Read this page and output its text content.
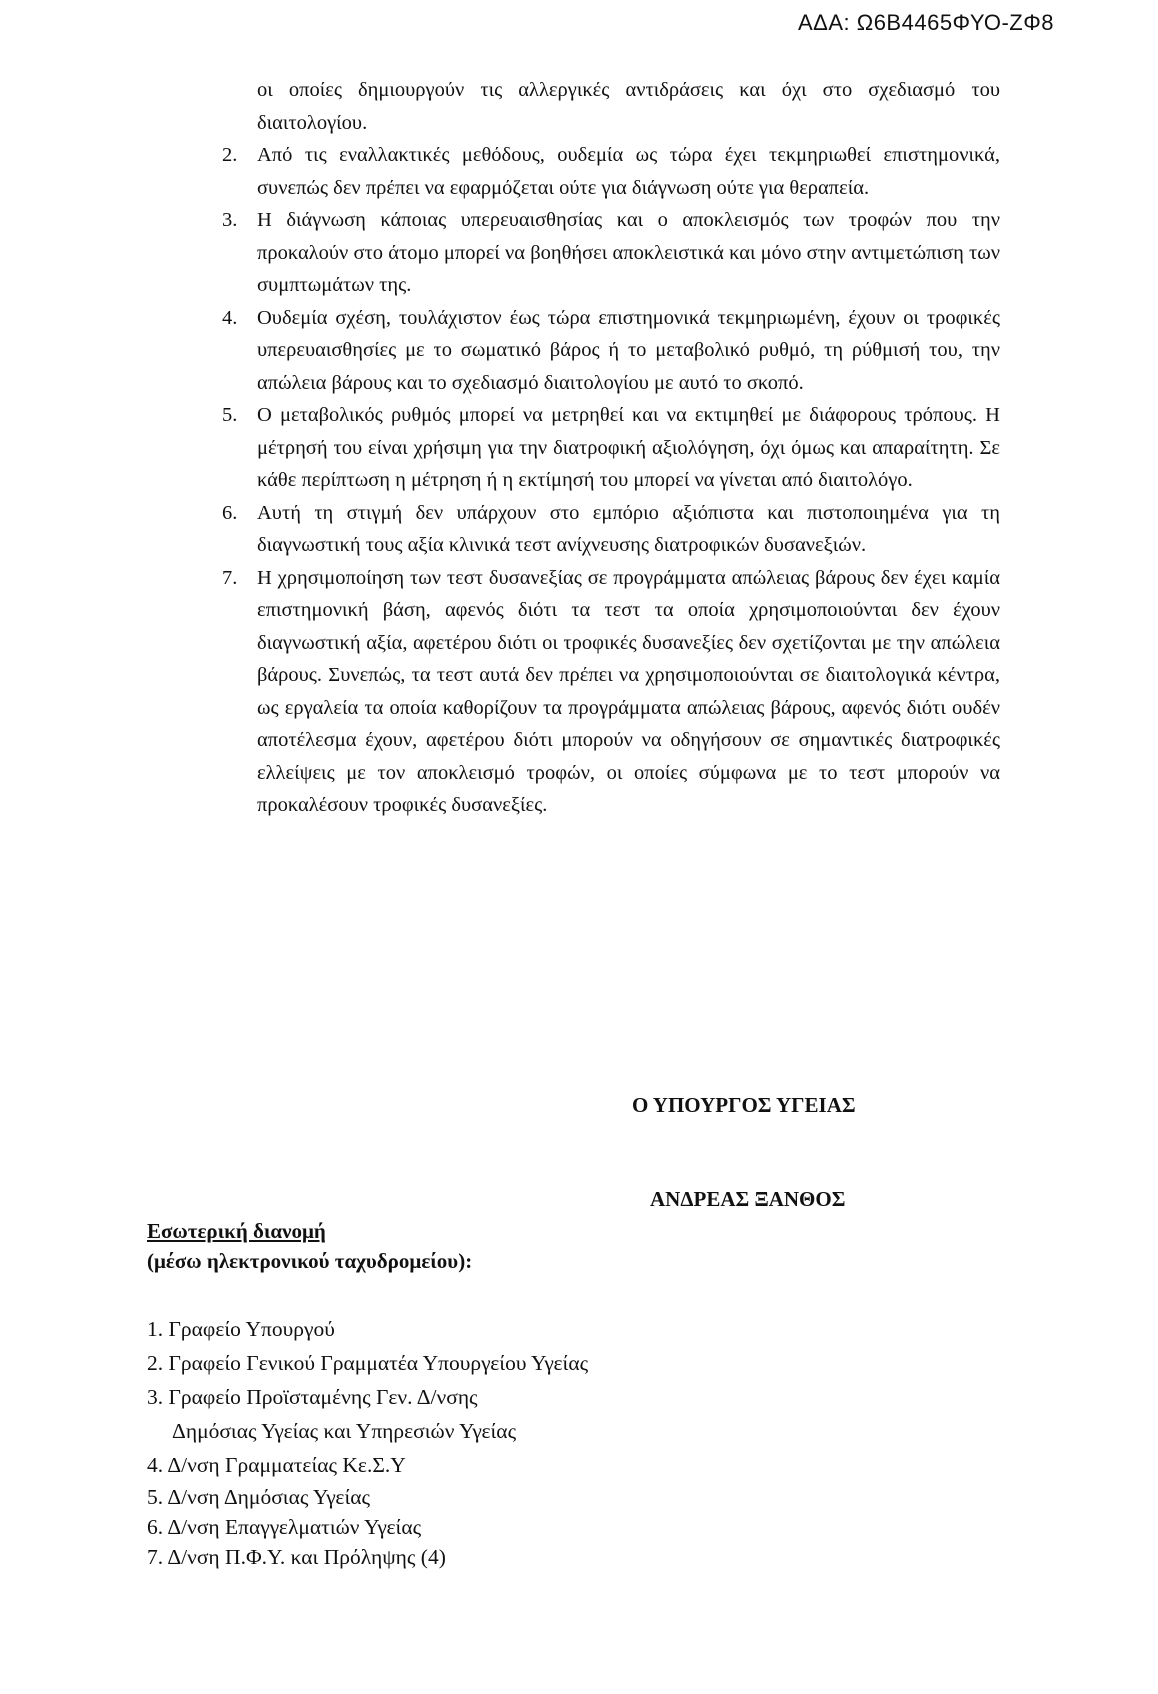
ΑΔΑ: Ω6Β4465ΦΥΟ-ΖΦ8

οι οποίες δημιουργούν τις αλλεργικές αντιδράσεις και όχι στο σχεδιασμό του διαιτολογίου.

2. Από τις εναλλακτικές μεθόδους, ουδεμία ως τώρα έχει τεκμηριωθεί επιστημονικά, συνεπώς δεν πρέπει να εφαρμόζεται ούτε για διάγνωση ούτε για θεραπεία.
3. Η διάγνωση κάποιας υπερευαισθησίας και ο αποκλεισμός των τροφών που την προκαλούν στο άτομο μπορεί να βοηθήσει αποκλειστικά και μόνο στην αντιμετώπιση των συμπτωμάτων της.
4. Ουδεμία σχέση, τουλάχιστον έως τώρα επιστημονικά τεκμηριωμένη, έχουν οι τροφικές υπερευαισθησίες με το σωματικό βάρος ή το μεταβολικό ρυθμό, τη ρύθμισή του, την απώλεια βάρους και το σχεδιασμό διαιτολογίου με αυτό το σκοπό.
5. Ο μεταβολικός ρυθμός μπορεί να μετρηθεί και να εκτιμηθεί με διάφορους τρόπους. Η μέτρησή του είναι χρήσιμη για την διατροφική αξιολόγηση, όχι όμως και απαραίτητη. Σε κάθε περίπτωση η μέτρηση ή η εκτίμησή του μπορεί να γίνεται από διαιτολόγο.
6. Αυτή τη στιγμή δεν υπάρχουν στο εμπόριο αξιόπιστα και πιστοποιημένα για τη διαγνωστική τους αξία κλινικά τεστ ανίχνευσης διατροφικών δυσανεξιών.
7. Η χρησιμοποίηση των τεστ δυσανεξίας σε προγράμματα απώλειας βάρους δεν έχει καμία επιστημονική βάση, αφενός διότι τα τεστ τα οποία χρησιμοποιούνται δεν έχουν διαγνωστική αξία, αφετέρου διότι οι τροφικές δυσανεξίες δεν σχετίζονται με την απώλεια βάρους. Συνεπώς, τα τεστ αυτά δεν πρέπει να χρησιμοποιούνται σε διαιτολογικά κέντρα, ως εργαλεία τα οποία καθορίζουν τα προγράμματα απώλειας βάρους, αφενός διότι ουδέν αποτέλεσμα έχουν, αφετέρου διότι μπορούν να οδηγήσουν σε σημαντικές διατροφικές ελλείψεις με τον αποκλεισμό τροφών, οι οποίες σύμφωνα με το τεστ μπορούν να προκαλέσουν τροφικές δυσανεξίες.
Ο ΥΠΟΥΡΓΟΣ ΥΓΕΙΑΣ
ΑΝΔΡΕΑΣ ΞΑΝΘΟΣ
Εσωτερική διανομή
(μέσω ηλεκτρονικού ταχυδρομείου):
1. Γραφείο Υπουργού
2. Γραφείο Γενικού Γραμματέα Υπουργείου Υγείας
3. Γραφείο Προϊσταμένης Γεν. Δ/νσης
Δημόσιας Υγείας και Υπηρεσιών Υγείας
4. Δ/νση Γραμματείας Κε.Σ.Υ
5. Δ/νση Δημόσιας Υγείας
6. Δ/νση Επαγγελματιών Υγείας
7. Δ/νση Π.Φ.Υ. και Πρόληψης (4)
